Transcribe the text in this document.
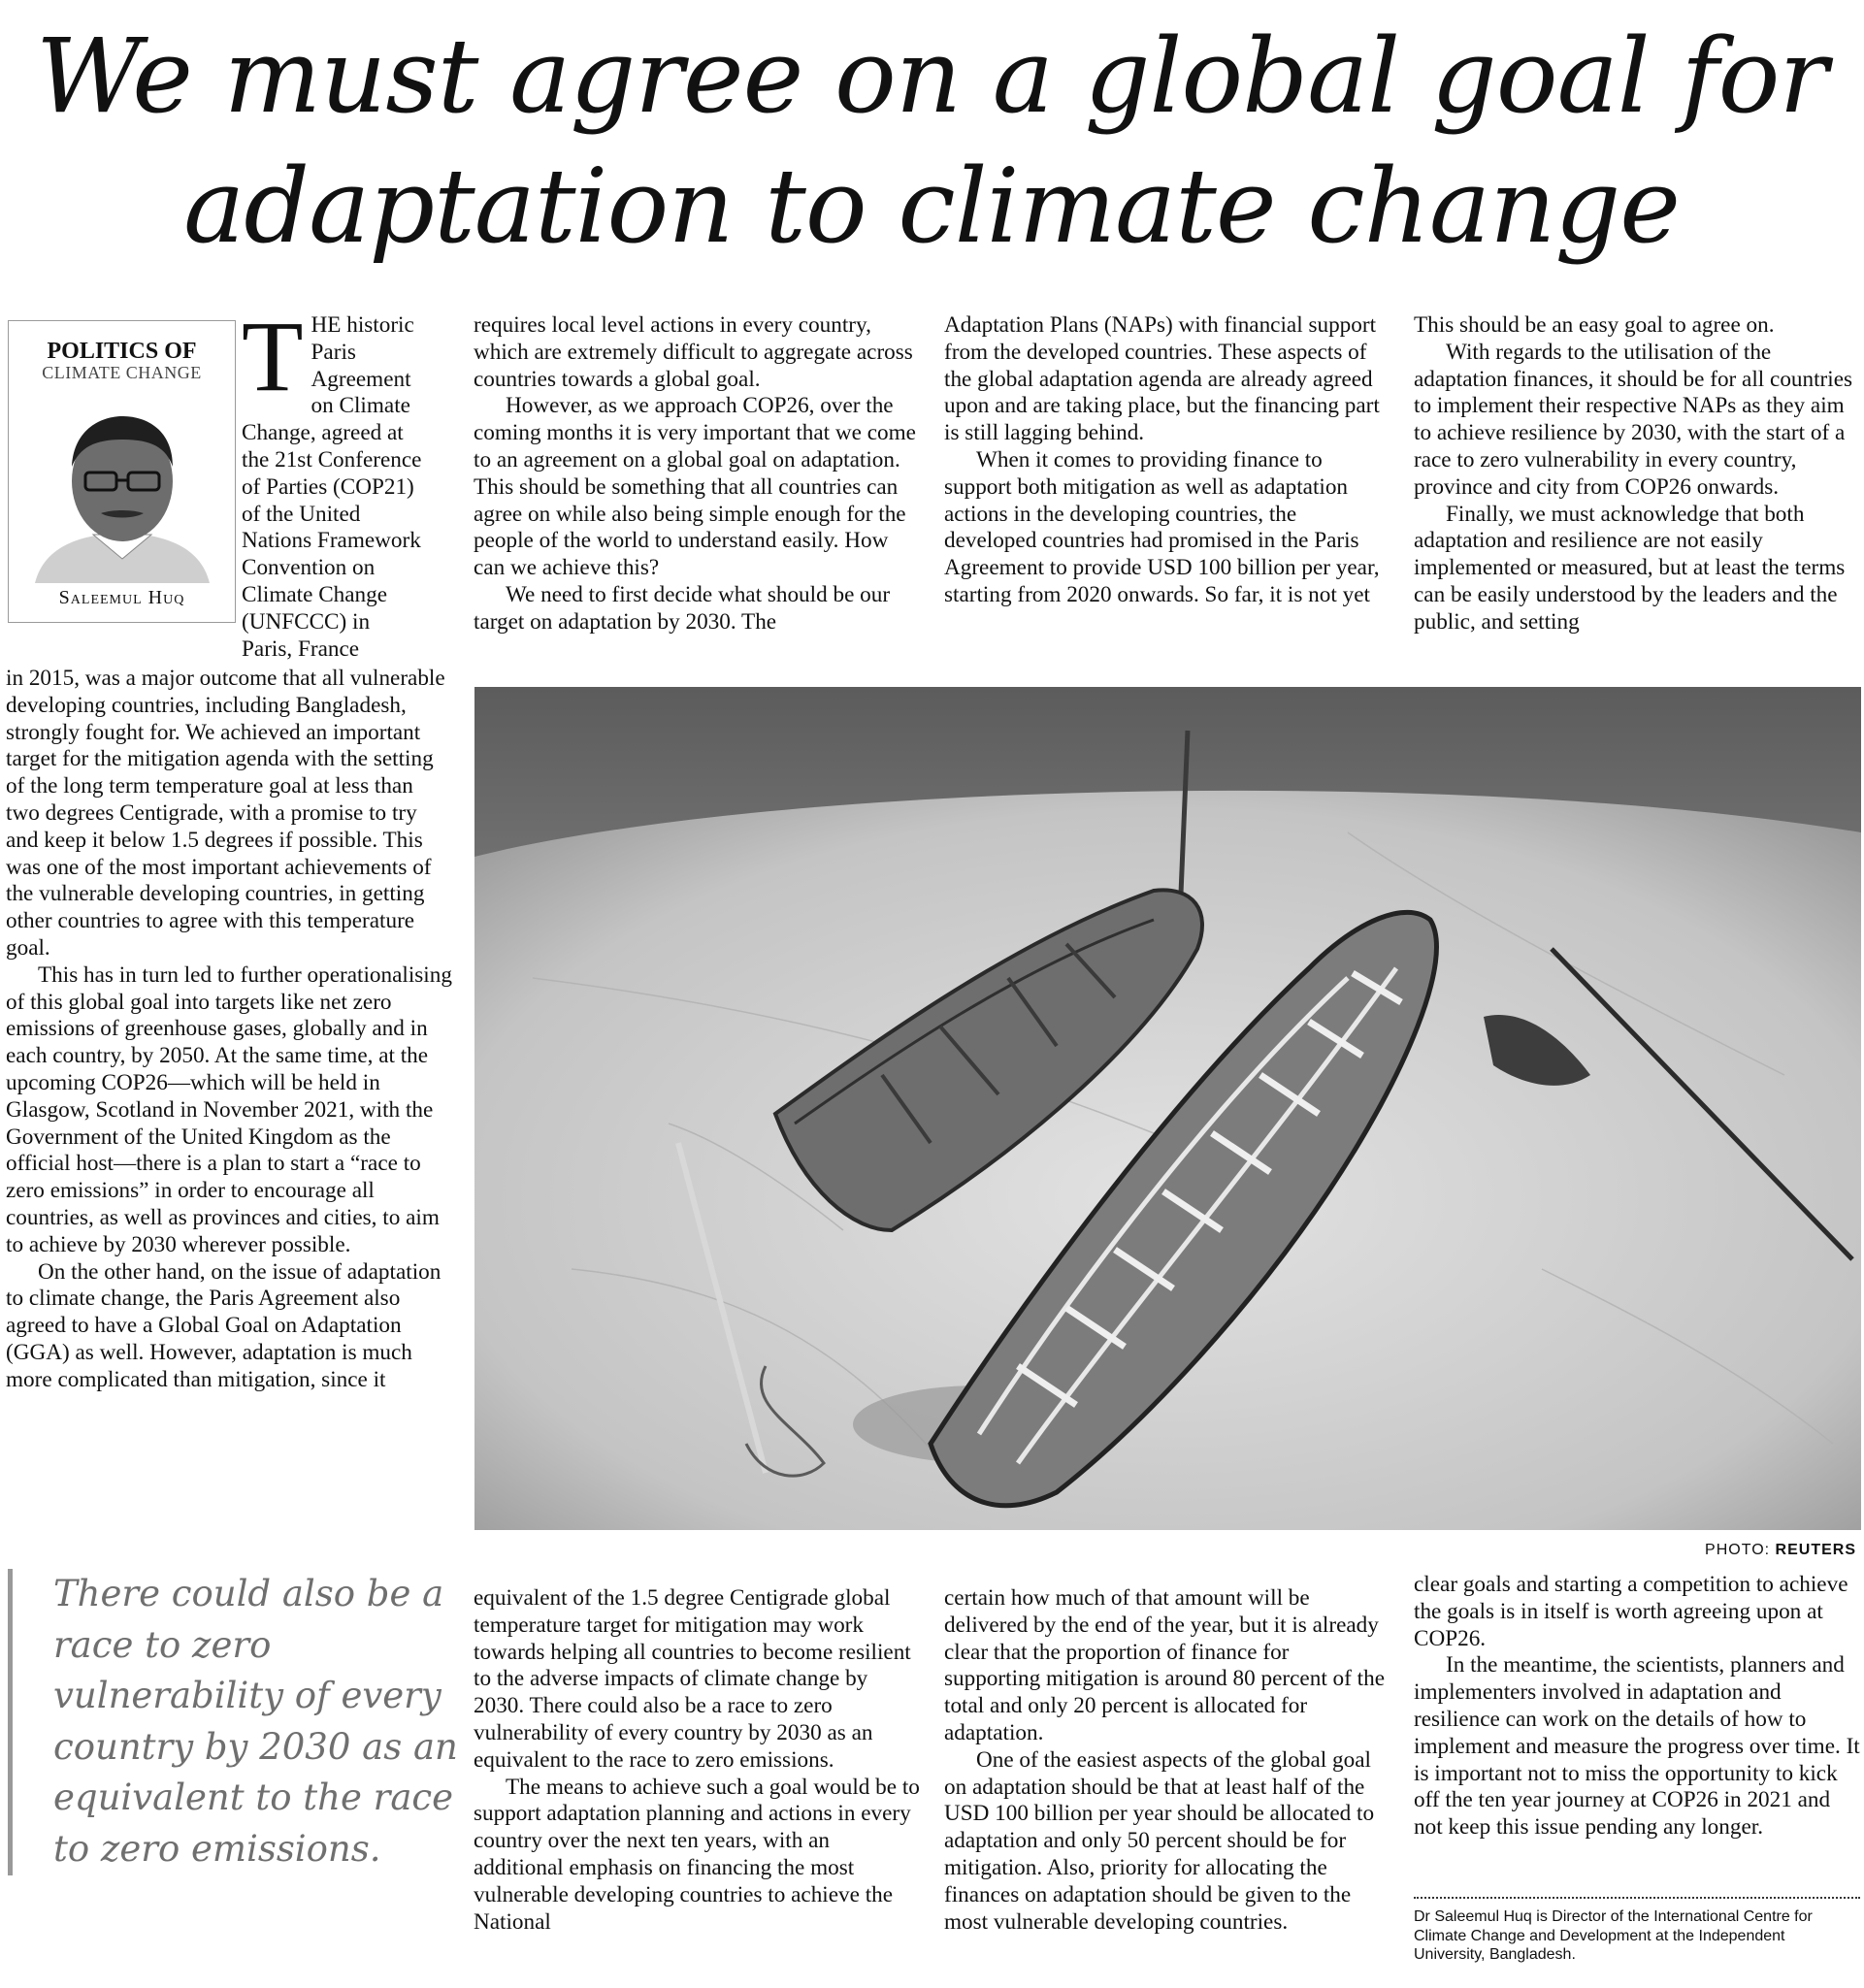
We must agree on a global goal for
adaptation to climate change
POLITICS OF
CLIMATE CHANGE
Saleemul Huq
T HE historic
Paris
Agreement
on Climate
Change, agreed at
the 21st Conference
of Parties (COP21)
of the United
Nations Framework
Convention on
Climate Change
(UNFCCC) in
Paris, France

in 2015, was a major outcome that all vulnerable developing countries, including Bangladesh, strongly fought for. We achieved an important target for the mitigation agenda with the setting of the long term temperature goal at less than two degrees Centigrade, with a promise to try and keep it below 1.5 degrees if possible. This was one of the most important achievements of the vulnerable developing countries, in getting other countries to agree with this temperature goal.

This has in turn led to further operationalising of this global goal into targets like net zero emissions of greenhouse gases, globally and in each country, by 2050. At the same time, at the upcoming COP26—which will be held in Glasgow, Scotland in November 2021, with the Government of the United Kingdom as the official host—there is a plan to start a “race to zero emissions” in order to encourage all countries, as well as provinces and cities, to aim to achieve by 2030 wherever possible.

On the other hand, on the issue of adaptation to climate change, the Paris Agreement also agreed to have a Global Goal on Adaptation (GGA) as well. However, adaptation is much more complicated than mitigation, since it

requires local level actions in every country, which are extremely difficult to aggregate across countries towards a global goal.

However, as we approach COP26, over the coming months it is very important that we come to an agreement on a global goal on adaptation. This should be something that all countries can agree on while also being simple enough for the people of the world to understand easily. How can we achieve this?

We need to first decide what should be our target on adaptation by 2030. The

Adaptation Plans (NAPs) with financial support from the developed countries. These aspects of the global adaptation agenda are already agreed upon and are taking place, but the financing part is still lagging behind.

When it comes to providing finance to support both mitigation as well as adaptation actions in the developing countries, the developed countries had promised in the Paris Agreement to provide USD 100 billion per year, starting from 2020 onwards. So far, it is not yet

This should be an easy goal to agree on.

With regards to the utilisation of the adaptation finances, it should be for all countries to implement their respective NAPs as they aim to achieve resilience by 2030, with the start of a race to zero vulnerability in every country, province and city from COP26 onwards.

Finally, we must acknowledge that both adaptation and resilience are not easily implemented or measured, but at least the terms can be easily understood by the leaders and the public, and setting

PHOTO: REUTERS
There could also be a race to zero vulnerability of every country by 2030 as an equivalent to the race to zero emissions.

equivalent of the 1.5 degree Centigrade global temperature target for mitigation may work towards helping all countries to become resilient to the adverse impacts of climate change by 2030. There could also be a race to zero vulnerability of every country by 2030 as an equivalent to the race to zero emissions.

The means to achieve such a goal would be to support adaptation planning and actions in every country over the next ten years, with an additional emphasis on financing the most vulnerable developing countries to achieve the National

certain how much of that amount will be delivered by the end of the year, but it is already clear that the proportion of finance for supporting mitigation is around 80 percent of the total and only 20 percent is allocated for adaptation.

One of the easiest aspects of the global goal on adaptation should be that at least half of the USD 100 billion per year should be allocated to adaptation and only 50 percent should be for mitigation. Also, priority for allocating the finances on adaptation should be given to the most vulnerable developing countries.

clear goals and starting a competition to achieve the goals is in itself is worth agreeing upon at COP26.

In the meantime, the scientists, planners and implementers involved in adaptation and resilience can work on the details of how to implement and measure the progress over time. It is important not to miss the opportunity to kick off the ten year journey at COP26 in 2021 and not keep this issue pending any longer.

Dr Saleemul Huq is Director of the International Centre for Climate Change and Development at the Independent University, Bangladesh.
